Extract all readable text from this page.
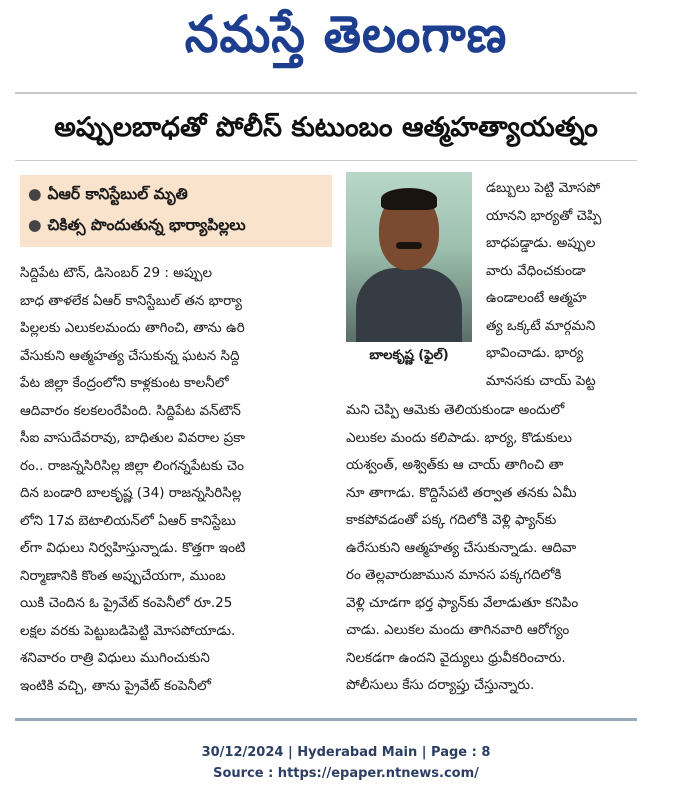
నమస్తే తెలంగాణ
అప్పులబాధతో పోలీస్ కుటుంబం ఆత్మహత్యాయత్నం
● ఏఆర్ కానిస్టేబుల్ మృతి
● చికిత్స పొందుతున్న భార్యాపిల్లలు
బాలకృష్ణ (ఫైల్)
సిద్దిపేట టౌన్, డిసెంబర్ 29 : అప్పుల
బాధ తాళలేక ఏఆర్ కానిస్టేబుల్ తన భార్యా
పిల్లలకు ఎలుకలమందు తాగించి, తాను ఉరి
వేసుకుని ఆత్మహత్య చేసుకున్న ఘటన సిద్ది
పేట జిల్లా కేంద్రంలోని కాళ్లకుంట కాలనీలో
ఆదివారం కలకలంరేపింది. సిద్దిపేట వన్‌టౌన్
సీఐ వాసుదేవరావు, బాధితుల వివరాల ప్రకా
రం.. రాజన్నసిరిసిల్ల జిల్లా లింగన్నపేటకు చెం
దిన బండారి బాలకృష్ణ (34) రాజన్నసిరిసిల్ల
లోని 17వ బెటాలియన్‌లో ఏఆర్ కానిస్టేబు
ల్‌గా విధులు నిర్వహిస్తున్నాడు. కొత్తగా ఇంటి
నిర్మాణానికి కొంత అప్పుచేయగా, ముంబ
యికి చెందిన ఓ ప్రైవేట్ కంపెనీలో రూ.25
లక్షల వరకు పెట్టుబడిపెట్టి మోసపోయాడు.
శనివారం రాత్రి విధులు ముగించుకుని
ఇంటికి వచ్చి, తాను ప్రైవేట్ కంపెనీలో
డబ్బులు పెట్టి మోసపో
యానని భార్యతో చెప్పి
బాధపడ్డాడు. అప్పుల
వారు వేధించకుండా
ఉండాలంటే ఆత్మహ
త్య ఒక్కటే మార్గమని
భావించాడు. భార్య
మానసకు చాయ్ పెట్ట
మని చెప్పి ఆమెకు తెలియకుండా అందులో
ఎలుకల మందు కలిపాడు. భార్య, కొడుకులు
యశ్వంత్, అశ్విత్‌కు ఆ చాయ్ తాగించి తా
నూ తాగాడు. కొద్దిసేపటి తర్వాత తనకు ఏమీ
కాకపోవడంతో పక్క గదిలోకి వెళ్లి ఫ్యాన్‌కు
ఉరేసుకుని ఆత్మహత్య చేసుకున్నాడు. ఆదివా
రం తెల్లవారుజామున మానస పక్కగదిలోకి
వెళ్లి చూడగా భర్త ఫ్యాన్‌కు వేలాడుతూ కనిపిం
చాడు. ఎలుకల మందు తాగినవారి ఆరోగ్యం
నిలకడగా ఉందని వైద్యులు ధ్రువీకరించారు.
పోలీసులు కేసు దర్యాప్తు చేస్తున్నారు.
30/12/2024 | Hyderabad Main | Page : 8
Source : https://epaper.ntnews.com/
